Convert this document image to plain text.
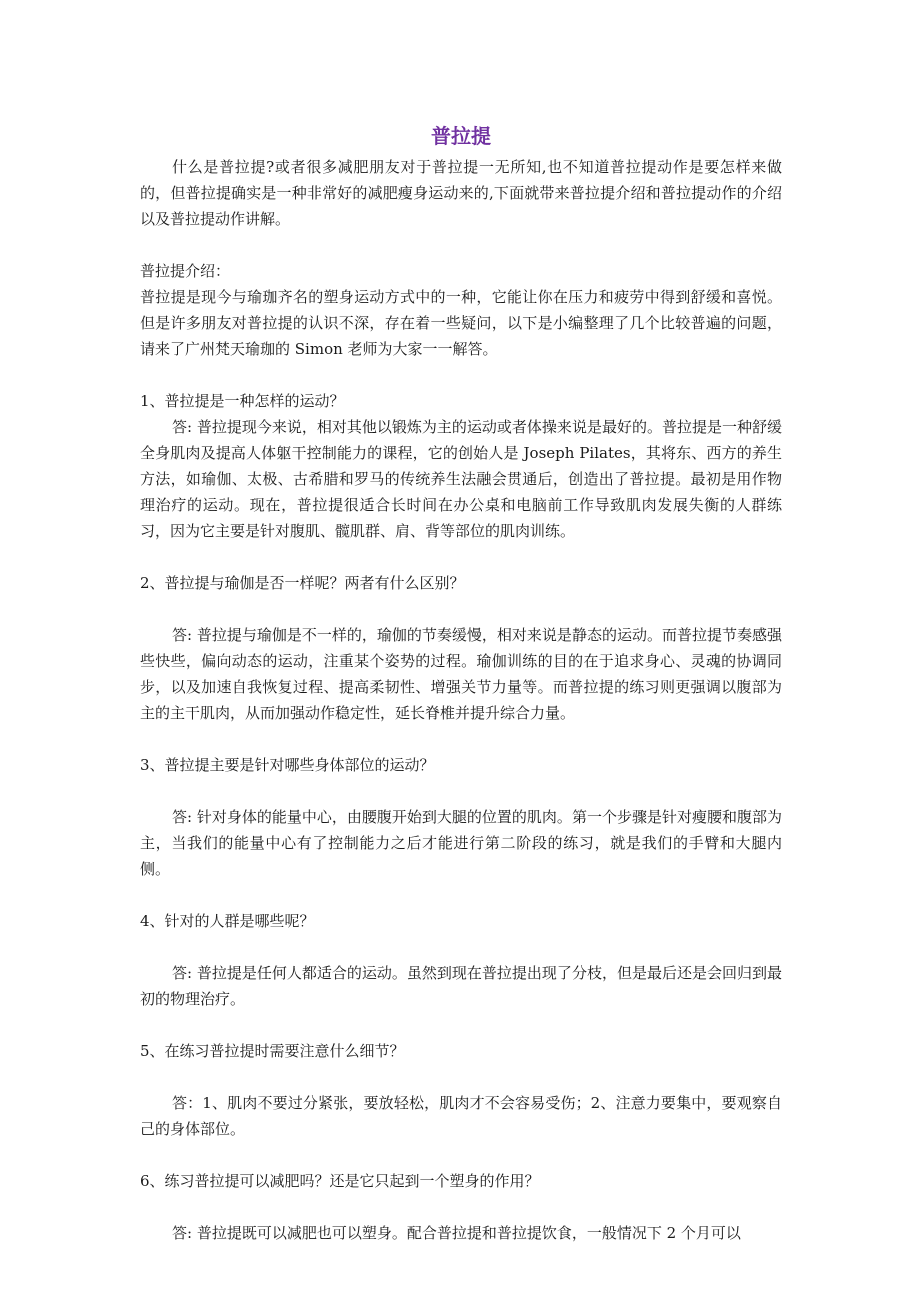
普拉提

什么是普拉提?或者很多减肥朋友对于普拉提一无所知,也不知道普拉提动作是要怎样来做的，但普拉提确实是一种非常好的减肥瘦身运动来的,下面就带来普拉提介绍和普拉提动作的介绍以及普拉提动作讲解。

普拉提介绍：

普拉提是现今与瑜珈齐名的塑身运动方式中的一种，它能让你在压力和疲劳中得到舒缓和喜悦。但是许多朋友对普拉提的认识不深，存在着一些疑问，以下是小编整理了几个比较普遍的问题，请来了广州梵天瑜珈的 Simon 老师为大家一一解答。

1、普拉提是一种怎样的运动？

答: 普拉提现今来说，相对其他以锻炼为主的运动或者体操来说是最好的。普拉提是一种舒缓全身肌肉及提高人体躯干控制能力的课程，它的创始人是 Joseph Pilates，其将东、西方的养生方法，如瑜伽、太极、古希腊和罗马的传统养生法融会贯通后，创造出了普拉提。最初是用作物理治疗的运动。现在，普拉提很适合长时间在办公桌和电脑前工作导致肌肉发展失衡的人群练习，因为它主要是针对腹肌、髋肌群、肩、背等部位的肌肉训练。

2、普拉提与瑜伽是否一样呢？两者有什么区别？

答: 普拉提与瑜伽是不一样的，瑜伽的节奏缓慢，相对来说是静态的运动。而普拉提节奏感强些快些，偏向动态的运动，注重某个姿势的过程。瑜伽训练的目的在于追求身心、灵魂的协调同步，以及加速自我恢复过程、提高柔韧性、增强关节力量等。而普拉提的练习则更强调以腹部为主的主干肌肉，从而加强动作稳定性，延长脊椎并提升综合力量。

3、普拉提主要是针对哪些身体部位的运动？

答: 针对身体的能量中心，由腰腹开始到大腿的位置的肌肉。第一个步骤是针对瘦腰和腹部为主，当我们的能量中心有了控制能力之后才能进行第二阶段的练习，就是我们的手臂和大腿内侧。

4、针对的人群是哪些呢？

答: 普拉提是任何人都适合的运动。虽然到现在普拉提出现了分枝，但是最后还是会回归到最初的物理治疗。

5、在练习普拉提时需要注意什么细节？

答：1、肌肉不要过分紧张，要放轻松，肌肉才不会容易受伤；2、注意力要集中，要观察自己的身体部位。

6、练习普拉提可以减肥吗？还是它只起到一个塑身的作用？

答: 普拉提既可以减肥也可以塑身。配合普拉提和普拉提饮食，一般情况下 2 个月可以
